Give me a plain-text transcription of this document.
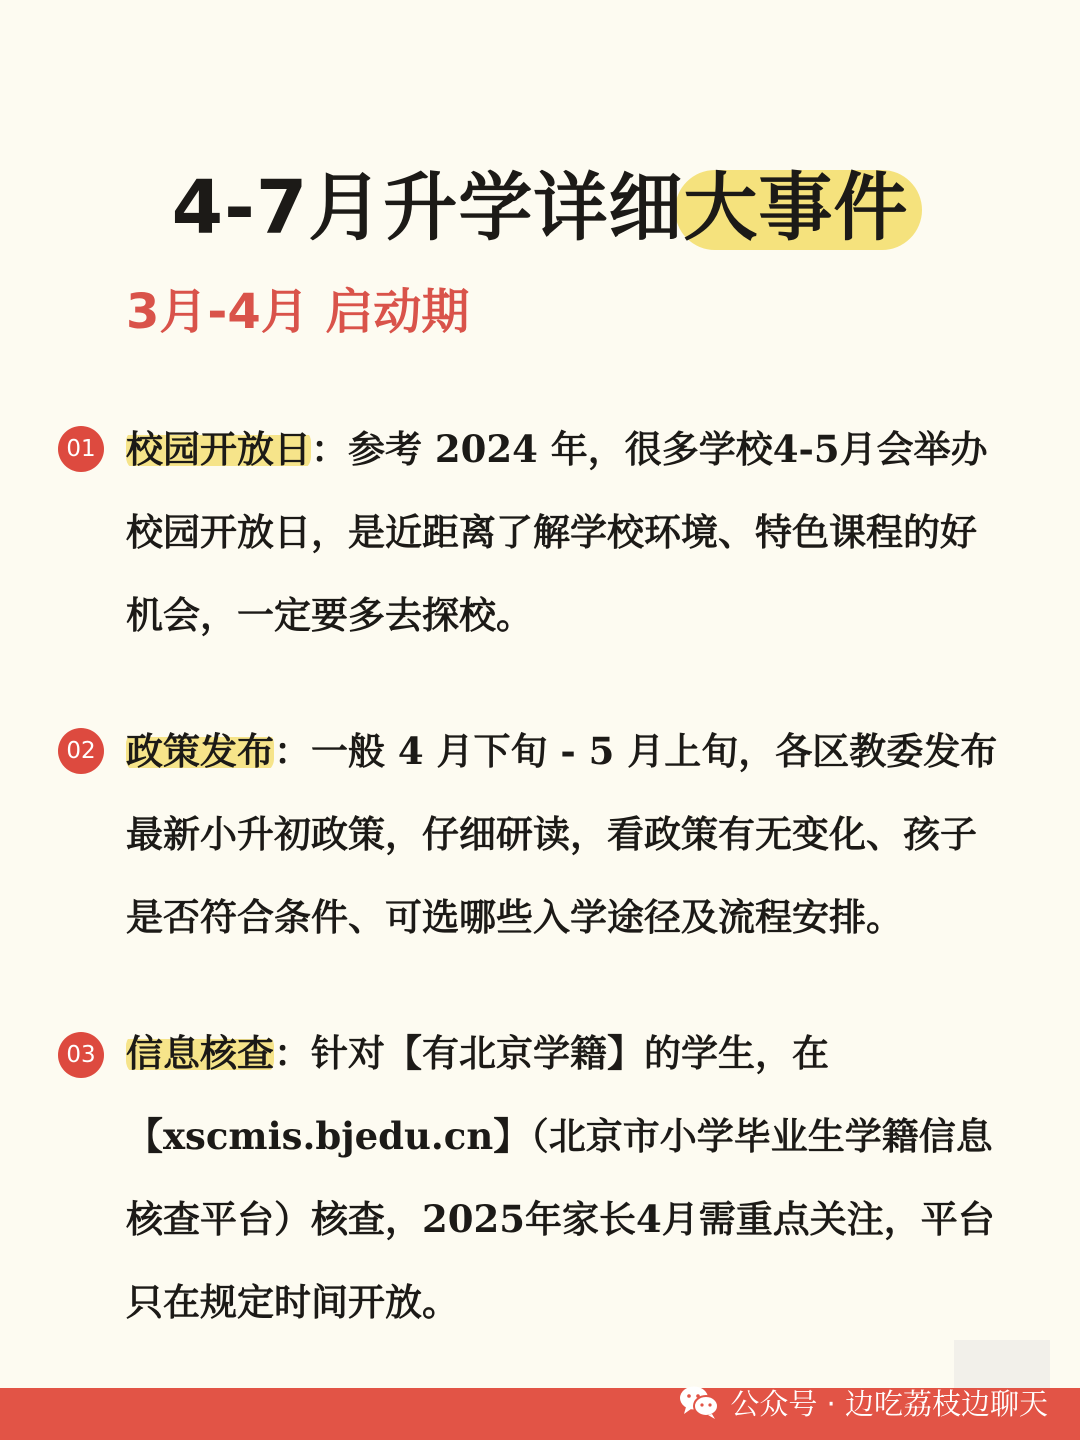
4-7月升学详细大事件
3月-4月 启动期
01 校园开放日：参考 2024 年，很多学校4-5月会举办校园开放日，是近距离了解学校环境、特色课程的好机会，一定要多去探校。

02 政策发布：一般 4 月下旬 - 5 月上旬，各区教委发布最新小升初政策，仔细研读，看政策有无变化、孩子是否符合条件、可选哪些入学途径及流程安排。

03 信息核查：针对【有北京学籍】的学生，在【xscmis.bjedu.cn】（北京市小学毕业生学籍信息核查平台）核查，2025年家长4月需重点关注，平台只在规定时间开放。

公众号 · 边吃荔枝边聊天
